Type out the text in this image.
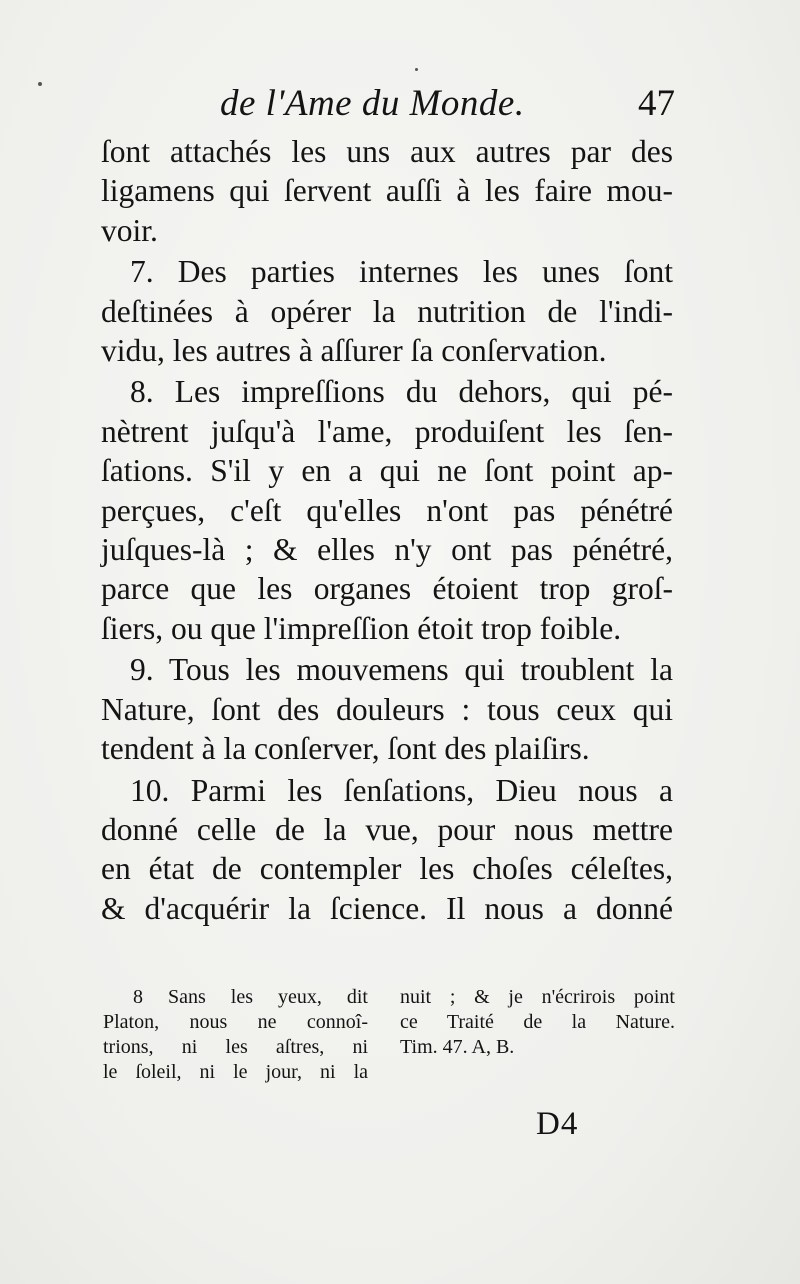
de l'Ame du Monde.	47
ſont attachés les uns aux autres par des
ligamens qui ſervent auſſi à les faire mou-
voir.
7. Des parties internes les unes ſont
deſtinées à opérer la nutrition de l'indi-
vidu, les autres à aſſurer ſa conſervation.
8. Les impreſſions du dehors, qui pé-
nètrent juſqu'à l'ame, produiſent les ſen-
ſations. S'il y en a qui ne ſont point ap-
perçues, c'eſt qu'elles n'ont pas pénétré
juſques-là ; & elles n'y ont pas pénétré,
parce que les organes étoient trop groſ-
ſiers, ou que l'impreſſion étoit trop foible.
9. Tous les mouvemens qui troublent la
Nature, ſont des douleurs : tous ceux qui
tendent à la conſerver, ſont des plaiſirs.
10. Parmi les ſenſations, Dieu nous a
donné celle de la vue, pour nous mettre
en état de contempler les choſes céleſtes,
& d'acquérir la ſcience. Il nous a donné
8 Sans les yeux, dit
Platon, nous ne connoî-
trions, ni les aſtres, ni
le ſoleil, ni le jour, ni la
nuit ; & je n'écrirois point
ce Traité de la Nature.
Tim. 47. A, B.
D4
